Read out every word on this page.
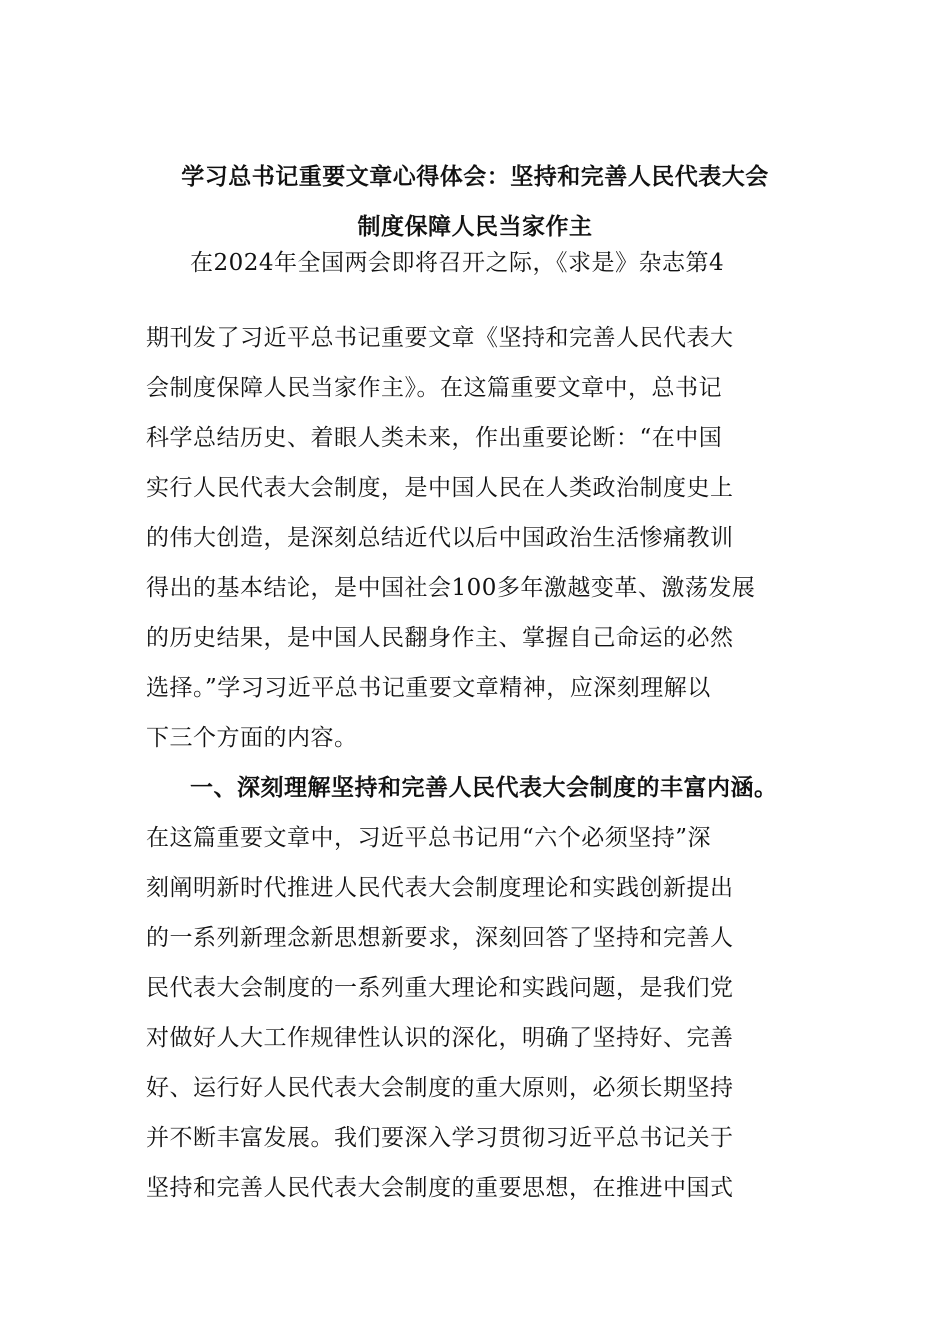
学习总书记重要文章心得体会：坚持和完善人民代表大会
制度保障人民当家作主
在2024年全国两会即将召开之际，《求是》杂志第4
期刊发了习近平总书记重要文章《坚持和完善人民代表大
会制度保障人民当家作主》。在这篇重要文章中，总书记
科学总结历史、着眼人类未来，作出重要论断：“在中国
实行人民代表大会制度，是中国人民在人类政治制度史上
的伟大创造，是深刻总结近代以后中国政治生活惨痛教训
得出的基本结论，是中国社会100多年激越变革、激荡发展
的历史结果，是中国人民翻身作主、掌握自己命运的必然
选择。”学习习近平总书记重要文章精神，应深刻理解以
下三个方面的内容。
一、深刻理解坚持和完善人民代表大会制度的丰富内涵。
在这篇重要文章中，习近平总书记用“六个必须坚持”深
刻阐明新时代推进人民代表大会制度理论和实践创新提出
的一系列新理念新思想新要求，深刻回答了坚持和完善人
民代表大会制度的一系列重大理论和实践问题，是我们党
对做好人大工作规律性认识的深化，明确了坚持好、完善
好、运行好人民代表大会制度的重大原则，必须长期坚持
并不断丰富发展。我们要深入学习贯彻习近平总书记关于
坚持和完善人民代表大会制度的重要思想，在推进中国式
